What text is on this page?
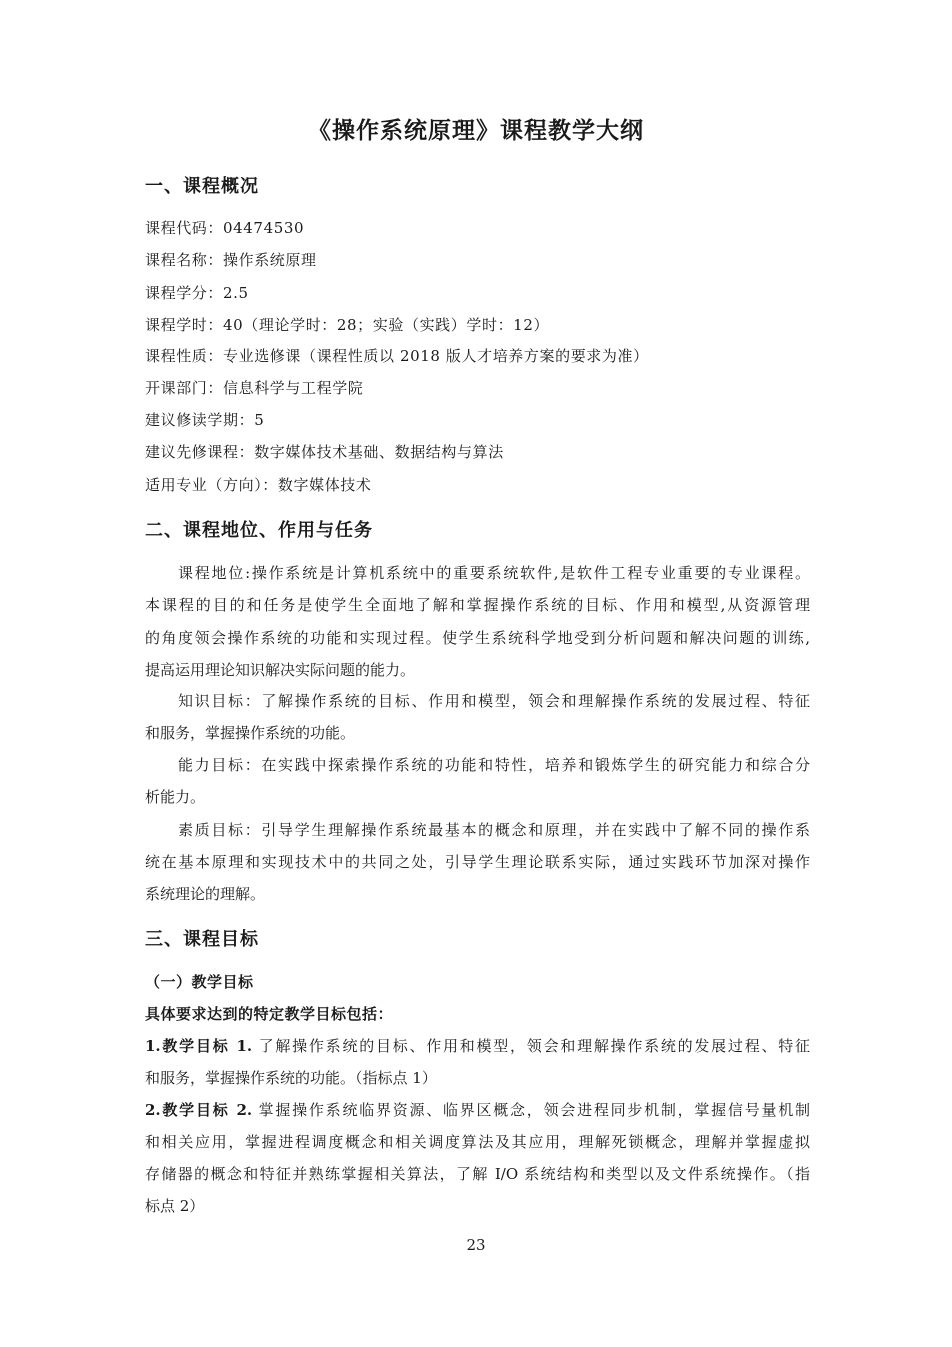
《操作系统原理》课程教学大纲
一、课程概况
课程代码：04474530
课程名称：操作系统原理
课程学分：2.5
课程学时：40（理论学时：28；实验（实践）学时：12）
课程性质：专业选修课（课程性质以 2018 版人才培养方案的要求为准）
开课部门：信息科学与工程学院
建议修读学期：5
建议先修课程：数字媒体技术基础、数据结构与算法
适用专业（方向）：数字媒体技术
二、课程地位、作用与任务
课程地位:操作系统是计算机系统中的重要系统软件,是软件工程专业重要的专业课程。
本课程的目的和任务是使学生全面地了解和掌握操作系统的目标、作用和模型,从资源管理
的角度领会操作系统的功能和实现过程。使学生系统科学地受到分析问题和解决问题的训练,
提高运用理论知识解决实际问题的能力。
知识目标：了解操作系统的目标、作用和模型，领会和理解操作系统的发展过程、特征
和服务，掌握操作系统的功能。
能力目标：在实践中探索操作系统的功能和特性，培养和锻炼学生的研究能力和综合分
析能力。
素质目标：引导学生理解操作系统最基本的概念和原理，并在实践中了解不同的操作系
统在基本原理和实现技术中的共同之处，引导学生理论联系实际，通过实践环节加深对操作
系统理论的理解。
三、课程目标
（一）教学目标
具体要求达到的特定教学目标包括：
1.教学目标 1. 了解操作系统的目标、作用和模型，领会和理解操作系统的发展过程、特征
和服务，掌握操作系统的功能。（指标点 1）
2.教学目标 2. 掌握操作系统临界资源、临界区概念，领会进程同步机制，掌握信号量机制
和相关应用，掌握进程调度概念和相关调度算法及其应用，理解死锁概念，理解并掌握虚拟
存储器的概念和特征并熟练掌握相关算法，了解 I/O 系统结构和类型以及文件系统操作。（指
标点 2）
23
